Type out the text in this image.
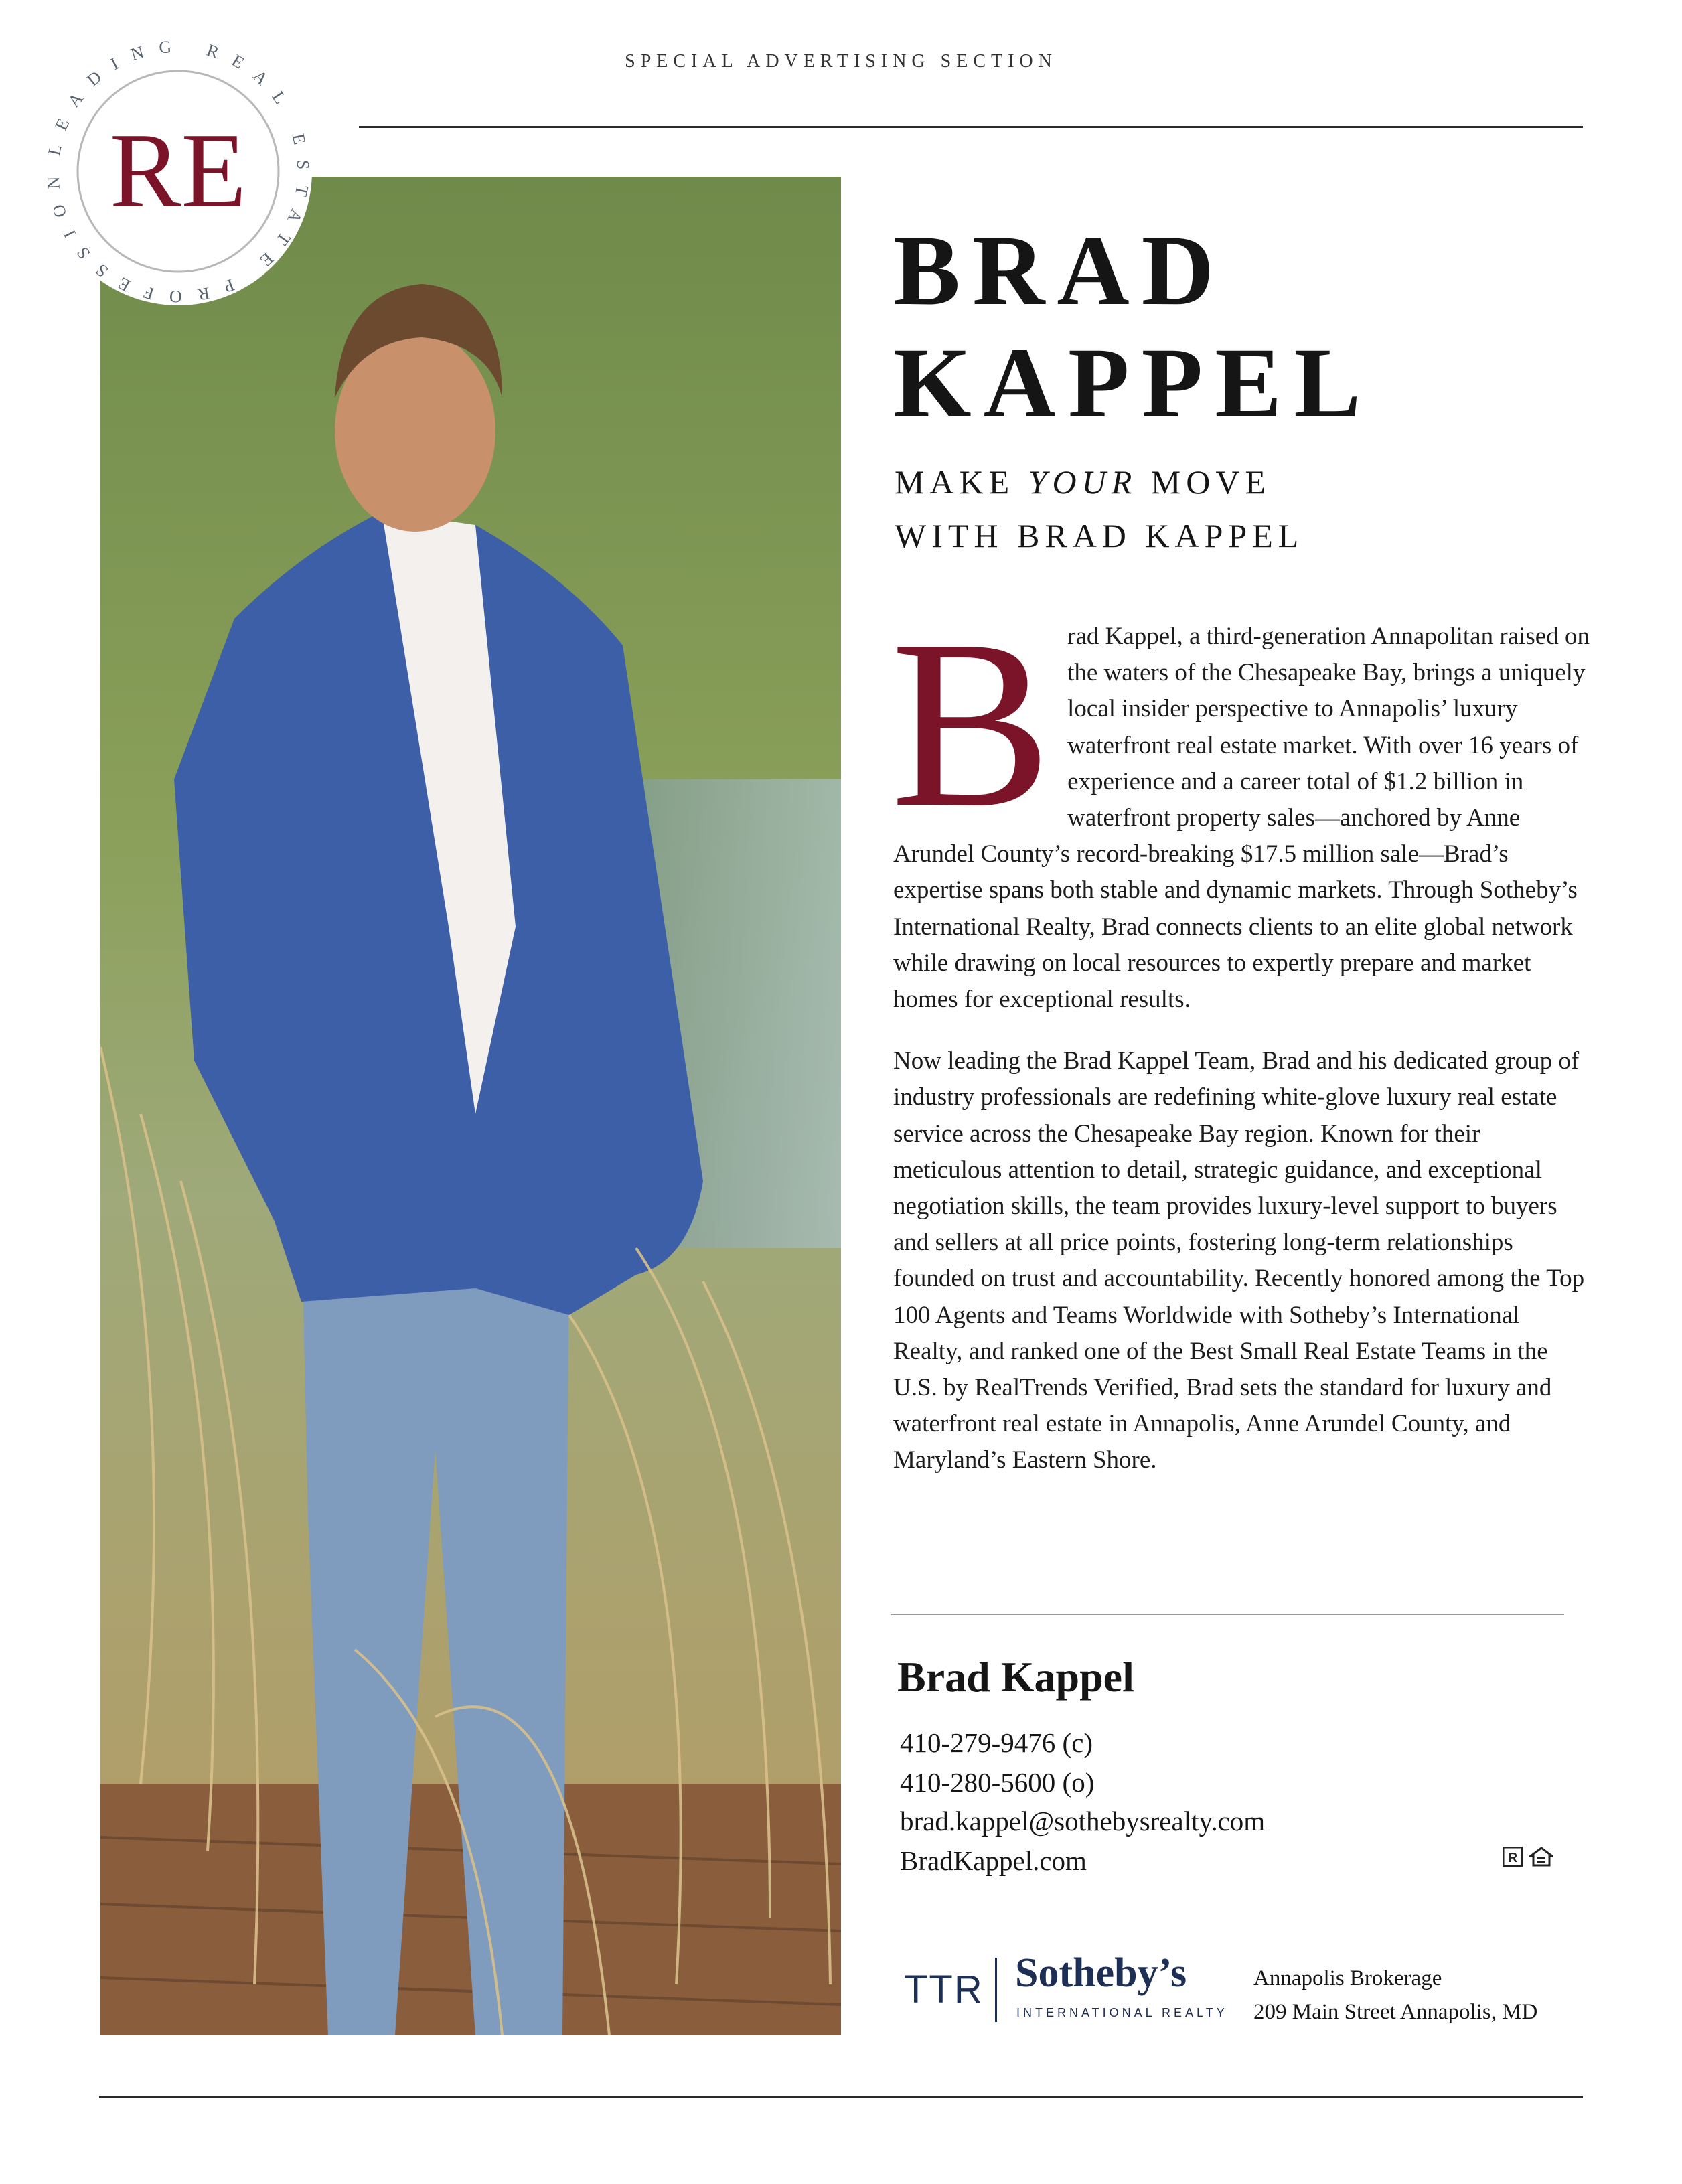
SPECIAL ADVERTISING SECTION
LEADING REAL ESTATE PROFESSION RE
BRAD
KAPPEL
MAKE YOUR MOVE
WITH BRAD KAPPEL

Brad Kappel, a third-generation Annapolitan raised on the waters of the Chesapeake Bay, brings a uniquely local insider perspective to Annapolis’ luxury waterfront real estate market. With over 16 years of experience and a career total of $1.2 billion in waterfront property sales—anchored by Anne Arundel County’s record-breaking $17.5 million sale—Brad’s expertise spans both stable and dynamic markets. Through Sotheby’s International Realty, Brad connects clients to an elite global network while drawing on local resources to expertly prepare and market homes for exceptional results.

Now leading the Brad Kappel Team, Brad and his dedicated group of industry professionals are redefining white-glove luxury real estate service across the Chesapeake Bay region. Known for their meticulous attention to detail, strategic guidance, and exceptional negotiation skills, the team provides luxury-level support to buyers and sellers at all price points, fostering long-term relationships founded on trust and accountability. Recently honored among the Top 100 Agents and Teams Worldwide with Sotheby’s International Realty, and ranked one of the Best Small Real Estate Teams in the U.S. by RealTrends Verified, Brad sets the standard for luxury and waterfront real estate in Annapolis, Anne Arundel County, and Maryland’s Eastern Shore.

Brad Kappel
410-279-9476 (c)
410-280-5600 (o)
brad.kappel@sothebysrealty.com
BradKappel.com	R
TTR Sotheby’s
INTERNATIONAL REALTY
Annapolis Brokerage
209 Main Street Annapolis, MD
